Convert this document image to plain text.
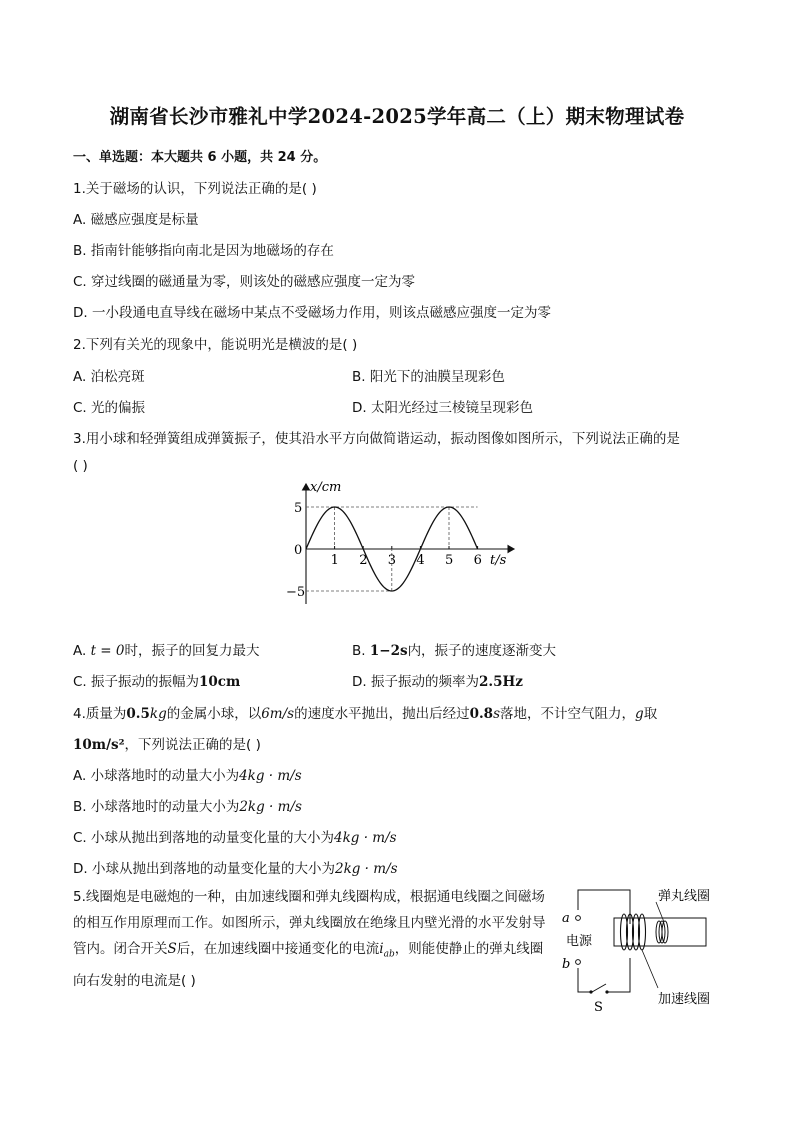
湖南省长沙市雅礼中学2024-2025学年高二（上）期末物理试卷
一、单选题：本大题共 6 小题，共 24 分。
1.关于磁场的认识，下列说法正确的是( )
A. 磁感应强度是标量
B. 指南针能够指向南北是因为地磁场的存在
C. 穿过线圈的磁通量为零，则该处的磁感应强度一定为零
D. 一小段通电直导线在磁场中某点不受磁场力作用，则该点磁感应强度一定为零
2.下列有关光的现象中，能说明光是横波的是( )
A. 泊松亮斑	B. 阳光下的油膜呈现彩色
C. 光的偏振	D. 太阳光经过三棱镜呈现彩色
3.用小球和轻弹簧组成弹簧振子，使其沿水平方向做简谐运动，振动图像如图所示，下列说法正确的是
( )
x/cm
t/s
0
1 2 3 4 5 6
5
−5
A. t = 0时，振子的回复力最大	B. 1−2s内，振子的速度逐渐变大
C. 振子振动的振幅为10cm	D. 振子振动的频率为2.5Hz
4.质量为0.5kg的金属小球，以6m/s的速度水平抛出，抛出后经过0.8s落地，不计空气阻力，g取
10m/s²，下列说法正确的是( )
A. 小球落地时的动量大小为4kg · m/s
B. 小球落地时的动量大小为2kg · m/s
C. 小球从抛出到落地的动量变化量的大小为4kg · m/s
D. 小球从抛出到落地的动量变化量的大小为2kg · m/s
5.线圈炮是电磁炮的一种，由加速线圈和弹丸线圈构成，根据通电线圈之间磁场的相互作用原理而工作。如图所示，弹丸线圈放在绝缘且内壁光滑的水平发射导管内。闭合开关S后，在加速线圈中接通变化的电流$i_{ab}$，则能使静止的弹丸线圈向右发射的电流是( )
a
b
电源
S
弹丸线圈
加速线圈
